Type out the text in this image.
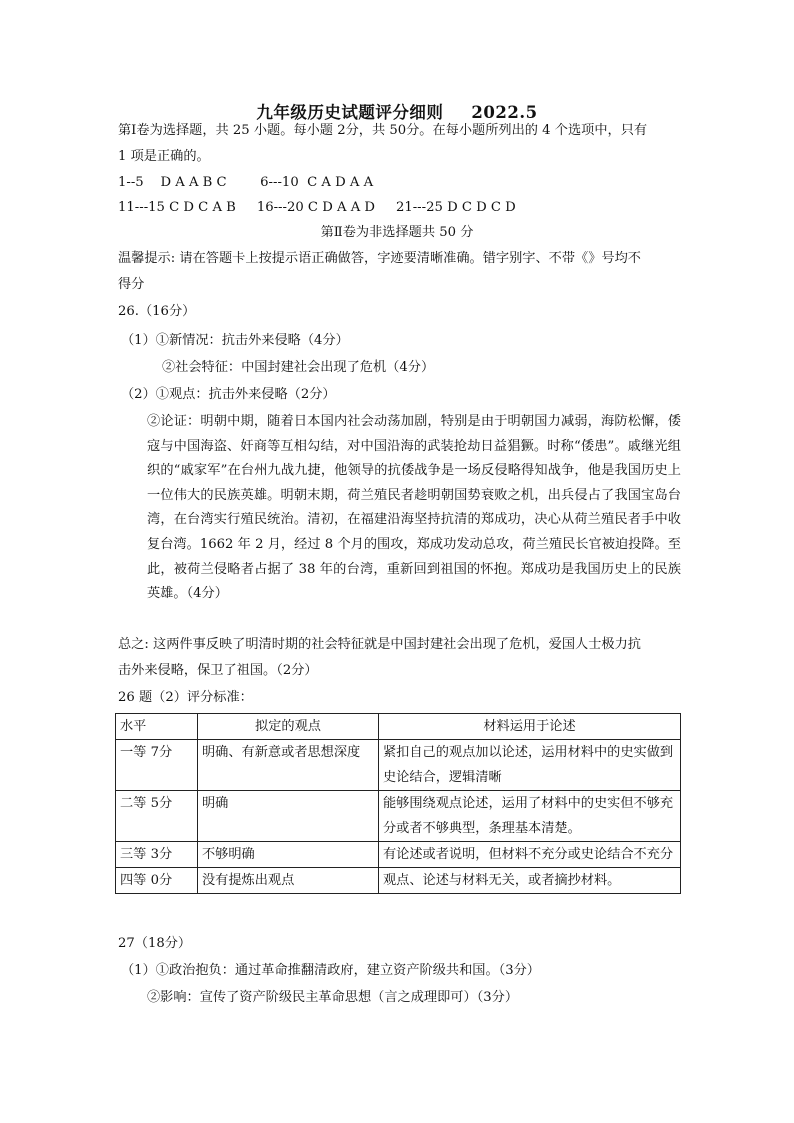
九年级历史试题评分细则 2022.5
第Ⅰ卷为选择题，共 25 小题。每小题 2分，共 50分。在每小题所列出的 4 个选项中，只有
1 项是正确的。
1--5    D A A B C        6---10  C A D A A
11---15 C D C A B     16---20 C D A A D     21---25 D C D C D
第Ⅱ卷为非选择题共 50 分
温馨提示: 请在答题卡上按提示语正确做答，字迹要清晰准确。错字别字、不带《》号均不
得分
26.（16分）
（1）①新情况：抗击外来侵略（4分）
②社会特征：中国封建社会出现了危机（4分）
（2）①观点：抗击外来侵略（2分）
②论证：明朝中期，随着日本国内社会动荡加剧，特别是由于明朝国力减弱，海防松懈，倭寇与中国海盗、奸商等互相勾结，对中国沿海的武装抢劫日益猖獗。时称“倭患”。戚继光组织的“戚家军”在台州九战九捷，他领导的抗倭战争是一场反侵略得知战争，他是我国历史上一位伟大的民族英雄。明朝末期，荷兰殖民者趁明朝国势衰败之机，出兵侵占了我国宝岛台湾，在台湾实行殖民统治。清初，在福建沿海坚持抗清的郑成功，决心从荷兰殖民者手中收复台湾。1662 年 2 月，经过 8 个月的围攻，郑成功发动总攻，荷兰殖民长官被迫投降。至此，被荷兰侵略者占据了 38 年的台湾，重新回到祖国的怀抱。郑成功是我国历史上的民族英雄。（4分）
总之: 这两件事反映了明清时期的社会特征就是中国封建社会出现了危机，爱国人士极力抗
击外来侵略，保卫了祖国。（2分）
26 题（2）评分标准：
水平	拟定的观点	材料运用于论述
一等 7分	明确、有新意或者思想深度	紧扣自己的观点加以论述，运用材料中的史实做到史论结合，逻辑清晰
二等 5分	明确	能够围绕观点论述，运用了材料中的史实但不够充分或者不够典型，条理基本清楚。
三等 3分	不够明确	有论述或者说明，但材料不充分或史论结合不充分
四等 0分	没有提炼出观点	观点、论述与材料无关，或者摘抄材料。
27（18分）
（1）①政治抱负：通过革命推翻清政府，建立资产阶级共和国。（3分）
②影响：宣传了资产阶级民主革命思想（言之成理即可）（3分）
